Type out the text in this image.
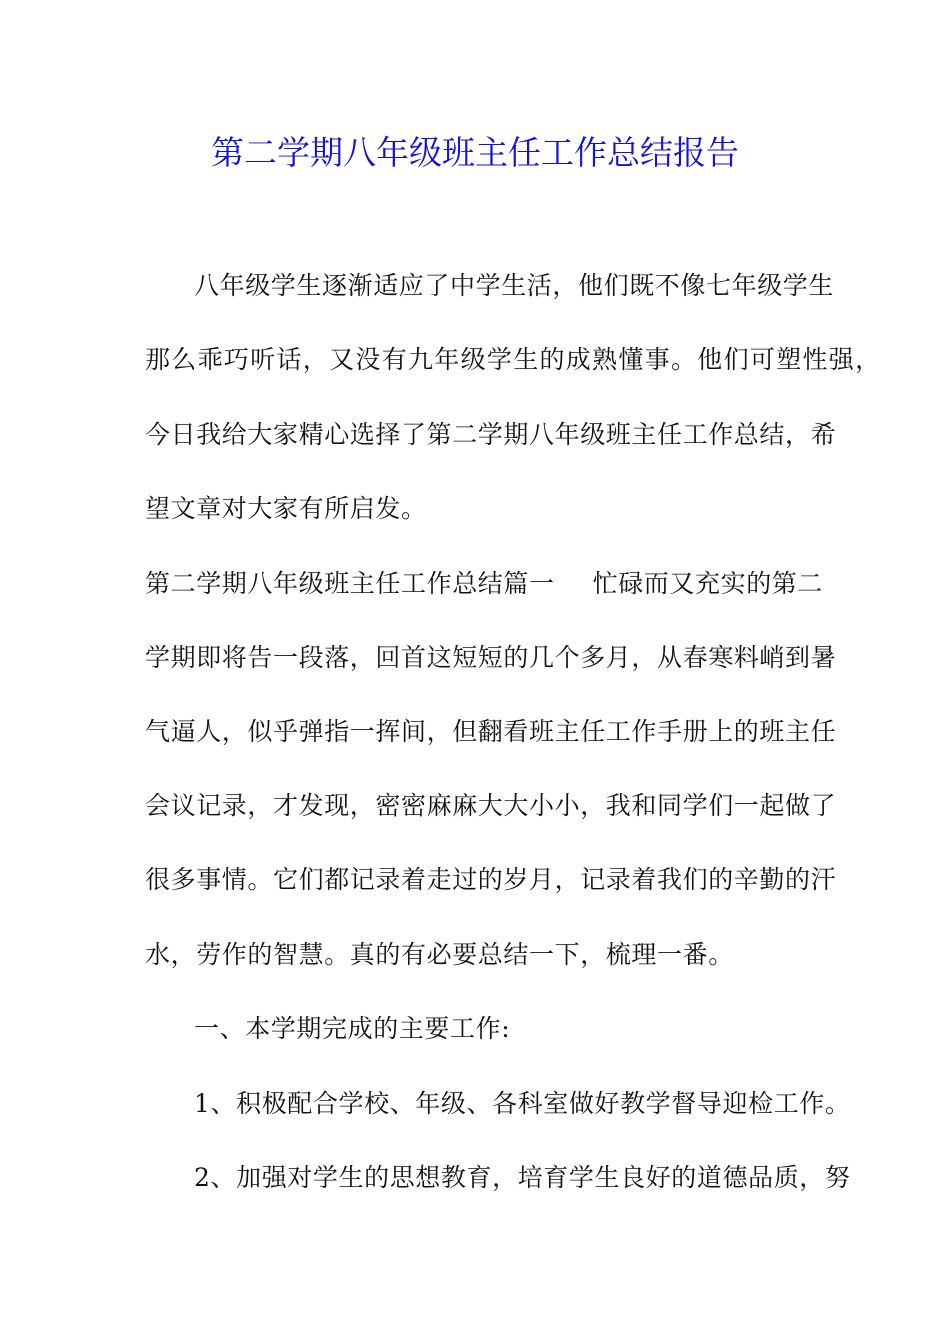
第二学期八年级班主任工作总结报告
八年级学生逐渐适应了中学生活，他们既不像七年级学生
那么乖巧听话，又没有九年级学生的成熟懂事。他们可塑性强，
今日我给大家精心选择了第二学期八年级班主任工作总结，希
望文章对大家有所启发。
第二学期八年级班主任工作总结篇一 忙碌而又充实的第二
学期即将告一段落，回首这短短的几个多月，从春寒料峭到暑
气逼人，似乎弹指一挥间，但翻看班主任工作手册上的班主任
会议记录，才发现，密密麻麻大大小小，我和同学们一起做了
很多事情。它们都记录着走过的岁月，记录着我们的辛勤的汗
水，劳作的智慧。真的有必要总结一下，梳理一番。
一、本学期完成的主要工作:
1、积极配合学校、年级、各科室做好教学督导迎检工作。
2、加强对学生的思想教育，培育学生良好的道德品质，努
